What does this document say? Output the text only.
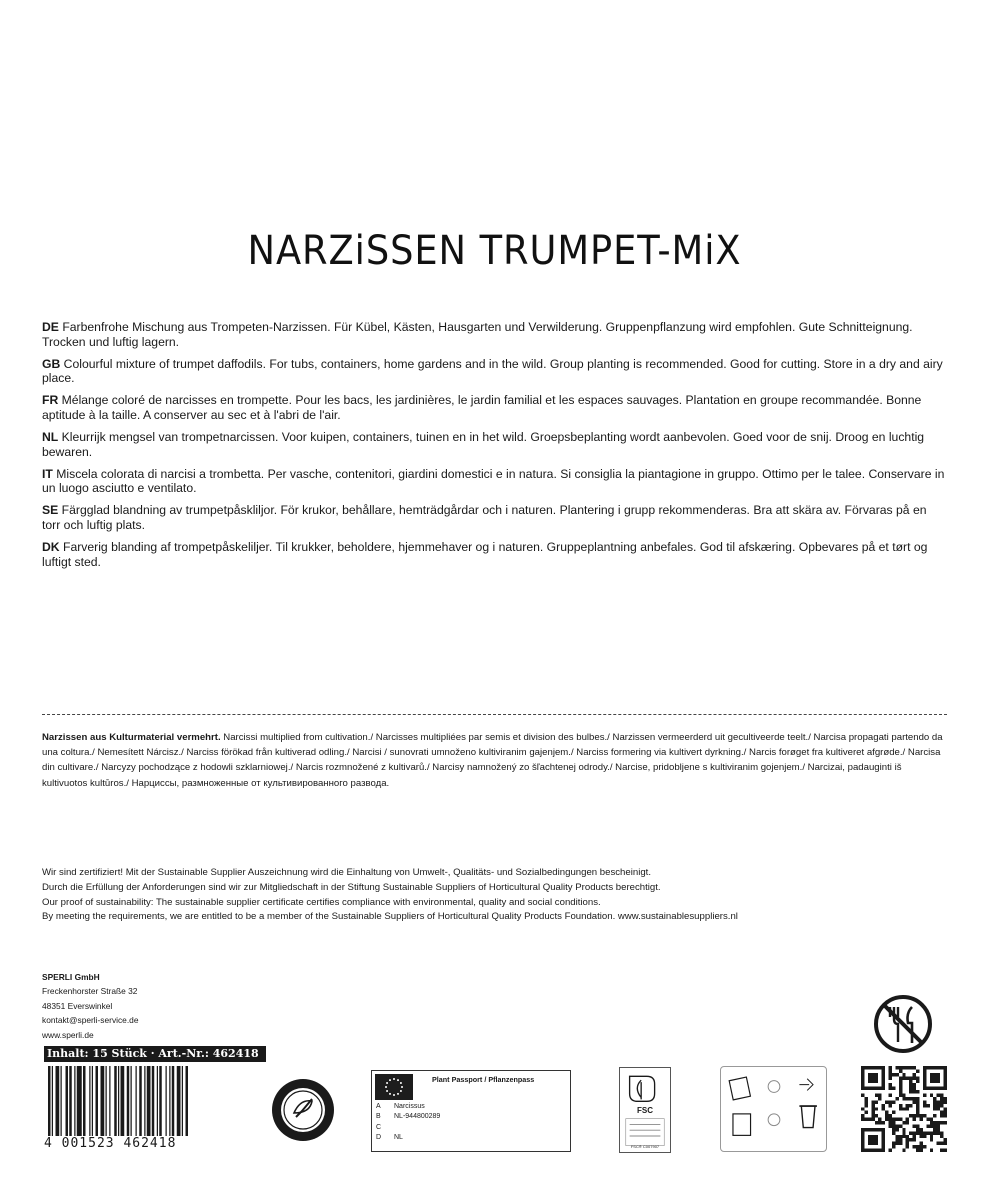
NARZiSSEN TRUMPET-MiX

DE Farbenfrohe Mischung aus Trompeten-Narzissen. Für Kübel, Kästen, Hausgarten und Verwilderung. Gruppenpflanzung wird empfohlen. Gute Schnitteignung. Trocken und luftig lagern.

GB Colourful mixture of trumpet daffodils. For tubs, containers, home gardens and in the wild. Group planting is recommended. Good for cutting. Store in a dry and airy place.

FR Mélange coloré de narcisses en trompette. Pour les bacs, les jardinières, le jardin familial et les espaces sauvages. Plantation en groupe recommandée. Bonne aptitude à la taille. A conserver au sec et à l'abri de l'air.

NL Kleurrijk mengsel van trompetnarcissen. Voor kuipen, containers, tuinen en in het wild. Groepsbeplanting wordt aanbevolen. Goed voor de snij. Droog en luchtig bewaren.

IT Miscela colorata di narcisi a trombetta. Per vasche, contenitori, giardini domestici e in natura. Si consiglia la piantagione in gruppo. Ottimo per le talee. Conservare in un luogo asciutto e ventilato.

SE Färgglad blandning av trumpetpåskliljor. För krukor, behållare, hemträdgårdar och i naturen. Plantering i grupp rekommenderas. Bra att skära av. Förvaras på en torr och luftig plats.

DK Farverig blanding af trompetpåskeliljer. Til krukker, beholdere, hjemmehaver og i naturen. Gruppeplantning anbefales. God til afskæring. Opbevares på et tørt og luftigt sted.

Narzissen aus Kulturmaterial vermehrt. Narcissi multiplied from cultivation./ Narcisses multipliées par semis et division des bulbes./ Narzissen vermeerderd uit gecultiveerde teelt./ Narcisa propagati partendo da una coltura./ Nemesített Nárcisz./ Narciss förökad från kultiverad odling./ Narcisi / sunovrati umnoženo kultiviranim gajenjem./ Narciss formering via kultivert dyrkning./ Narcis forøget fra kultiveret afgrøde./ Narcisa din cultivare./ Narcyzy pochodzące z hodowli szklarniowej./ Narcis rozmnožené z kultivarů./ Narcisy namnožený zo šľachtenej odrody./ Narcise, pridobljene s kultiviranim gojenjem./ Narcizai, padauginti iš kultivuotos kultūros./ Нарциссы, размноженные от культивированного развода.
Wir sind zertifiziert! Mit der Sustainable Supplier Auszeichnung wird die Einhaltung von Umwelt-, Qualitäts- und Sozialbedingungen bescheinigt.
Durch die Erfüllung der Anforderungen sind wir zur Mitgliedschaft in der Stiftung Sustainable Suppliers of Horticultural Quality Products berechtigt.
Our proof of sustainability: The sustainable supplier certificate certifies compliance with environmental, quality and social conditions.
By meeting the requirements, we are entitled to be a member of the Sustainable Suppliers of Horticultural Quality Products Foundation. www.sustainablesuppliers.nl
SPERLI GmbH
Freckenhorster Straße 32
48351 Everswinkel
kontakt@sperli-service.de
www.sperli.de
Inhalt: 15 Stück · Art.-Nr.: 462418
4 001523 462418
Plant Passport / Pflanzenpass
A Narcissus
B NL-944800289
C
D NL
FSC
FSC® C007907
